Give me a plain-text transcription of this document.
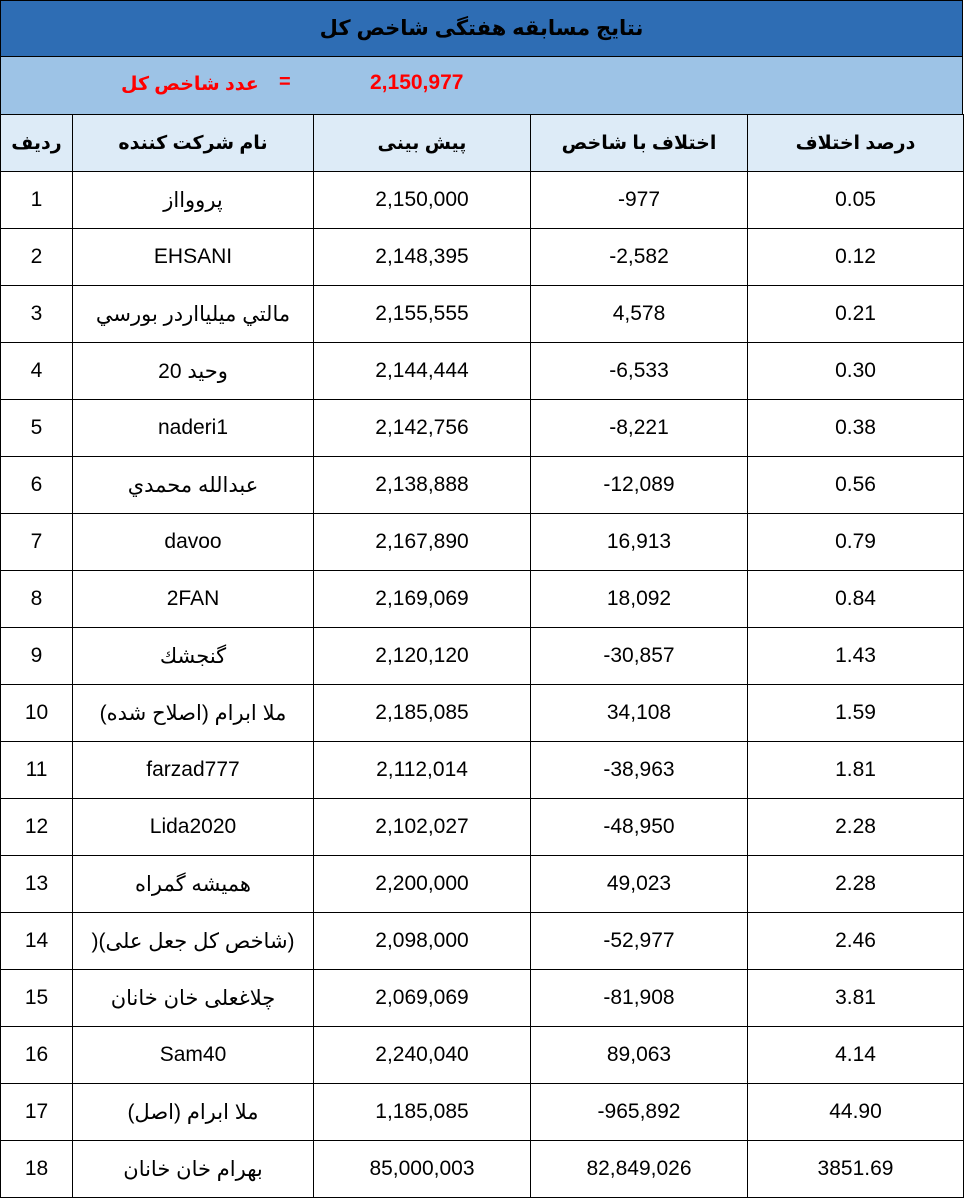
نتایج مسابقه هفتگی شاخص کل
عدد شاخص کل =	2,150,977
ردیف	نام شرکت کننده	پیش بینی	اختلاف با شاخص	درصد اختلاف
1	پرووااز	2,150,000	-977	0.05
2	EHSANI	2,148,395	-2,582	0.12
3	مالتي ميليااردر بورسي	2,155,555	4,578	0.21
4	وحید 20	2,144,444	-6,533	0.30
5	naderi1	2,142,756	-8,221	0.38
6	عبدالله محمدي	2,138,888	-12,089	0.56
7	davoo	2,167,890	16,913	0.79
8	2FAN	2,169,069	18,092	0.84
9	گنجشك	2,120,120	-30,857	1.43
10	ملا ابرام (اصلاح شده)	2,185,085	34,108	1.59
11	farzad777	2,112,014	-38,963	1.81
12	Lida2020	2,102,027	-48,950	2.28
13	همیشه گمراه	2,200,000	49,023	2.28
14	(شاخص کل جعل علی)(	2,098,000	-52,977	2.46
15	چلاغعلی خان خانان	2,069,069	-81,908	3.81
16	Sam40	2,240,040	89,063	4.14
17	ملا ابرام (اصل)	1,185,085	-965,892	44.90
18	بهرام خان خانان	85,000,003	82,849,026	3851.69
